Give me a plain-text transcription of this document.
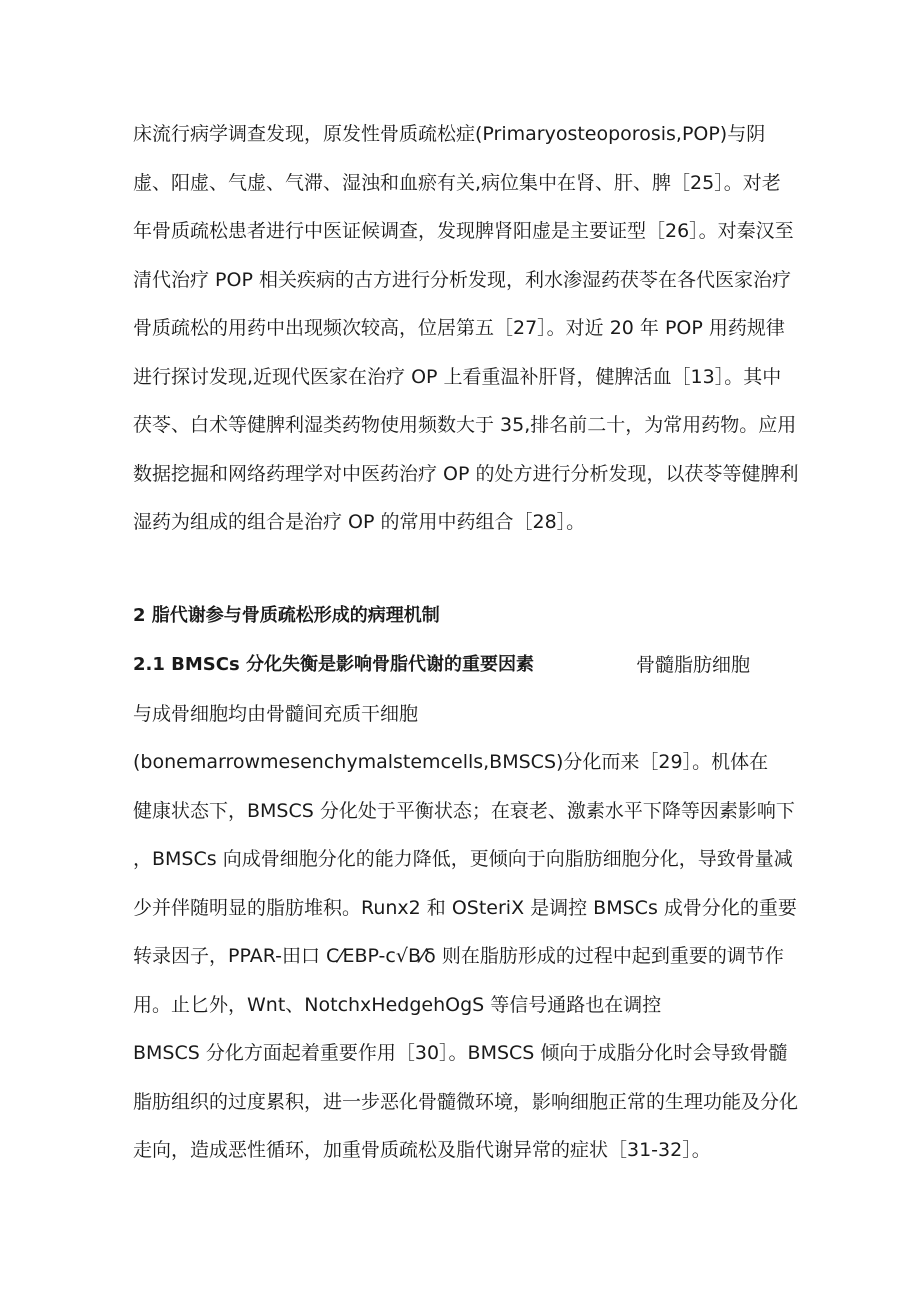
床流行病学调查发现，原发性骨质疏松症(Primaryosteoporosis,POP)与阴
虚、阳虚、气虚、气滞、湿浊和血瘀有关,病位集中在肾、肝、脾［25］。对老
年骨质疏松患者进行中医证候调查，发现脾肾阳虚是主要证型［26］。对秦汉至
清代治疗 POP 相关疾病的古方进行分析发现，利水渗湿药茯苓在各代医家治疗
骨质疏松的用药中出现频次较高，位居第五［27］。对近 20 年 POP 用药规律
进行探讨发现,近现代医家在治疗 OP 上看重温补肝肾，健脾活血［13］。其中
茯苓、白术等健脾利湿类药物使用频数大于 35,排名前二十，为常用药物。应用
数据挖掘和网络药理学对中医药治疗 OP 的处方进行分析发现，以茯苓等健脾利
湿药为组成的组合是治疗 OP 的常用中药组合［28］。
2 脂代谢参与骨质疏松形成的病理机制
2.1 BMSCs 分化失衡是影响骨脂代谢的重要因素	骨髓脂肪细胞
与成骨细胞均由骨髓间充质干细胞
(bonemarrowmesenchymalstemcells,BMSCS)分化而来［29］。机体在
健康状态下，BMSCS 分化处于平衡状态；在衰老、激素水平下降等因素影响下
，BMSCs 向成骨细胞分化的能力降低，更倾向于向脂肪细胞分化，导致骨量减
少并伴随明显的脂肪堆积。Runx2 和 OSteriX 是调控 BMSCs 成骨分化的重要
转录因子，PPAR-田口 C⁄EBP-c√B⁄δ 则在脂肪形成的过程中起到重要的调节作
用。止匕外，Wnt、Notch𝗑HedgehOgS 等信号通路也在调控
BMSCS 分化方面起着重要作用［30］。BMSCS 倾向于成脂分化时会导致骨髓
脂肪组织的过度累积，进一步恶化骨髓微环境，影响细胞正常的生理功能及分化
走向，造成恶性循环，加重骨质疏松及脂代谢异常的症状［31-32］。
